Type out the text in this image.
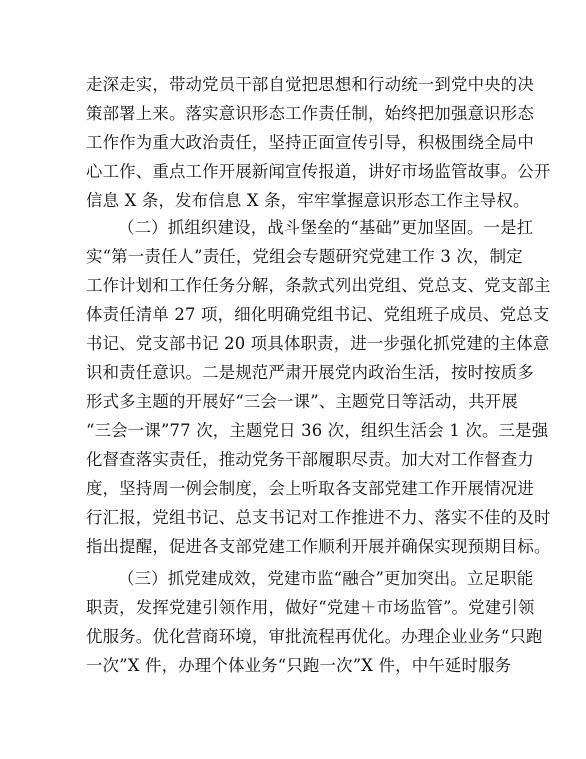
走深走实，带动党员干部自觉把思想和行动统一到党中央的决
策部署上来。落实意识形态工作责任制，始终把加强意识形态
工作作为重大政治责任，坚持正面宣传引导，积极围绕全局中
心工作、重点工作开展新闻宣传报道，讲好市场监管故事。公开
信息 X 条，发布信息 X 条，牢牢掌握意识形态工作主导权。
（二）抓组织建设，战斗堡垒的“基础”更加坚固。一是扛
实“第一责任人”责任，党组会专题研究党建工作 3 次，制定
工作计划和工作任务分解，条款式列出党组、党总支、党支部主
体责任清单 27 项，细化明确党组书记、党组班子成员、党总支
书记、党支部书记 20 项具体职责，进一步强化抓党建的主体意
识和责任意识。二是规范严肃开展党内政治生活，按时按质多
形式多主题的开展好“三会一课”、主题党日等活动，共开展
“三会一课”77 次，主题党日 36 次，组织生活会 1 次。三是强
化督查落实责任，推动党务干部履职尽责。加大对工作督查力
度，坚持周一例会制度，会上听取各支部党建工作开展情况进
行汇报，党组书记、总支书记对工作推进不力、落实不佳的及时
指出提醒，促进各支部党建工作顺利开展并确保实现预期目标。
（三）抓党建成效，党建市监“融合”更加突出。立足职能
职责，发挥党建引领作用，做好“党建＋市场监管”。党建引领
优服务。优化营商环境，审批流程再优化。办理企业业务“只跑
一次”X 件，办理个体业务“只跑一次”X 件，中午延时服务
